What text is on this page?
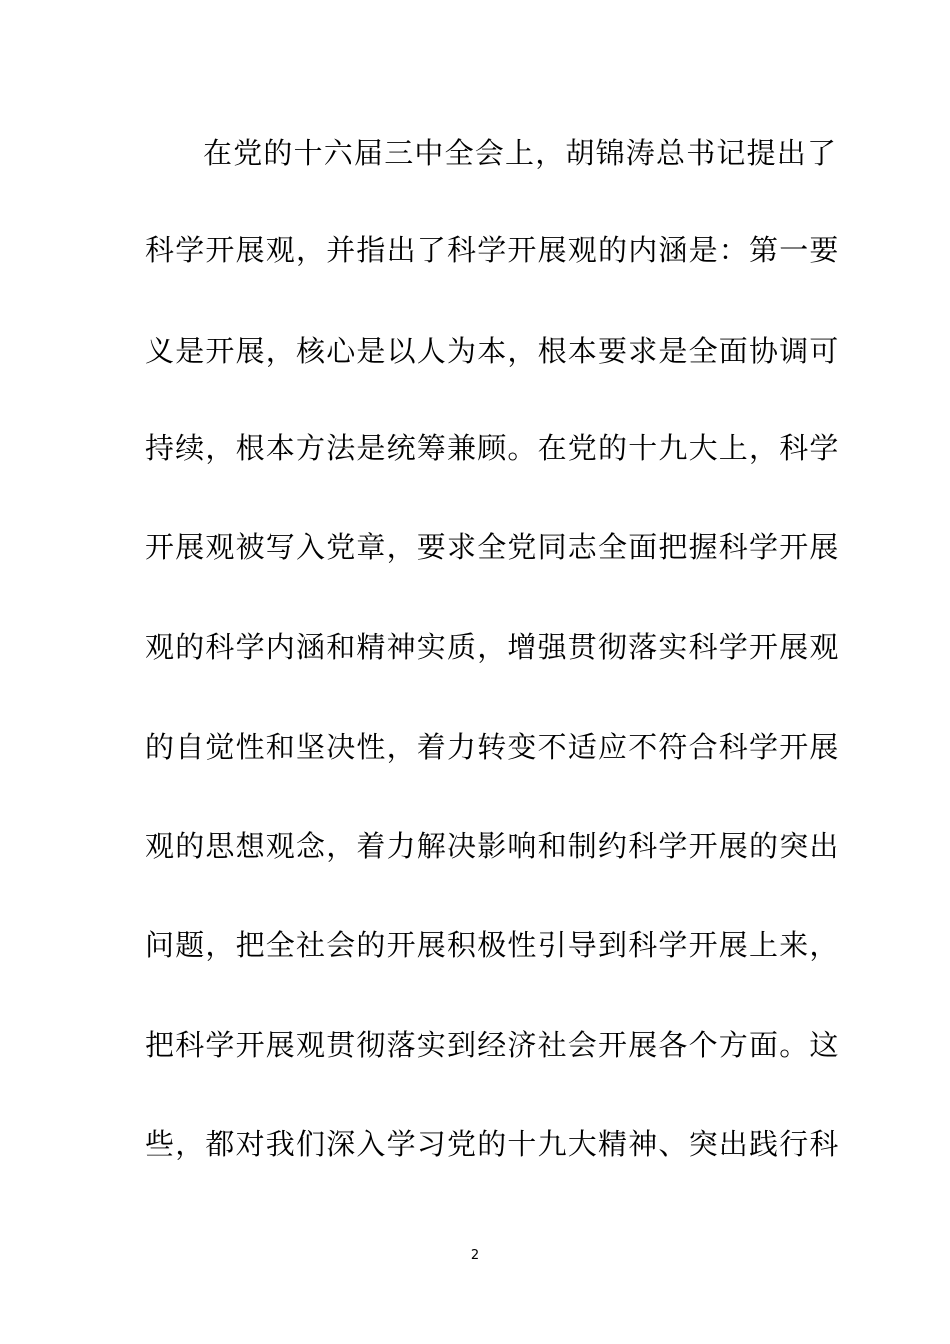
在党的十六届三中全会上，胡锦涛总书记提出了
科学开展观，并指出了科学开展观的内涵是：第一要
义是开展，核心是以人为本，根本要求是全面协调可
持续，根本方法是统筹兼顾。在党的十九大上，科学
开展观被写入党章，要求全党同志全面把握科学开展
观的科学内涵和精神实质，增强贯彻落实科学开展观
的自觉性和坚决性，着力转变不适应不符合科学开展
观的思想观念，着力解决影响和制约科学开展的突出
问题，把全社会的开展积极性引导到科学开展上来，
把科学开展观贯彻落实到经济社会开展各个方面。这
些，都对我们深入学习党的十九大精神、突出践行科
2
